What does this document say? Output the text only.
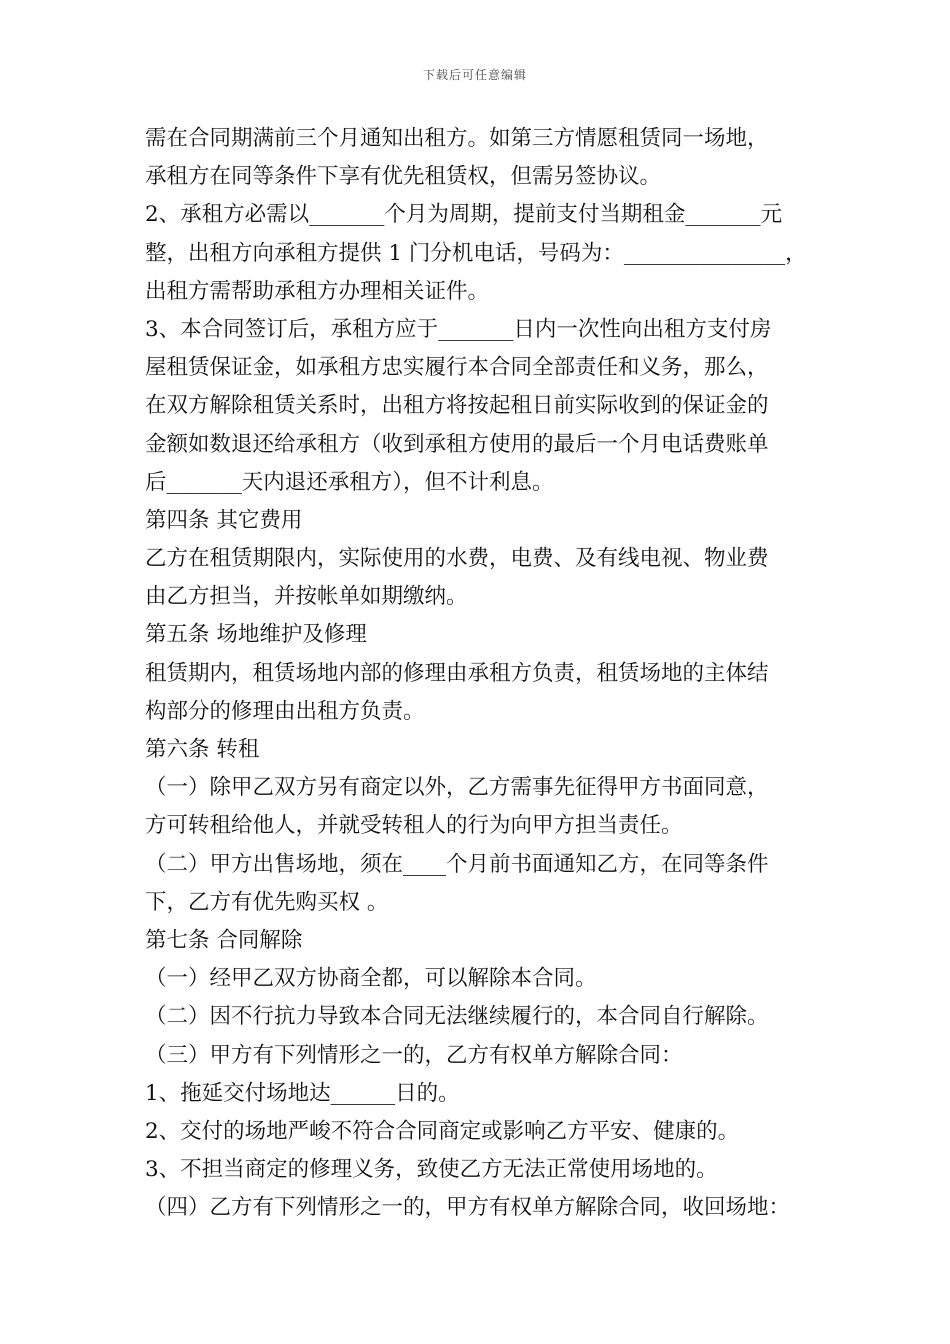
下载后可任意编辑
需在合同期满前三个月通知出租方。如第三方情愿租赁同一场地，
承租方在同等条件下享有优先租赁权，但需另签协议。
2、承租方必需以_______个月为周期，提前支付当期租金_______元
整，出租方向承租方提供 1 门分机电话，号码为：_______________，
出租方需帮助承租方办理相关证件。
3、本合同签订后，承租方应于_______日内一次性向出租方支付房
屋租赁保证金，如承租方忠实履行本合同全部责任和义务，那么，
在双方解除租赁关系时，出租方将按起租日前实际收到的保证金的
金额如数退还给承租方（收到承租方使用的最后一个月电话费账单
后_______天内退还承租方），但不计利息。
第四条 其它费用
乙方在租赁期限内，实际使用的水费，电费、及有线电视、物业费
由乙方担当，并按帐单如期缴纳。
第五条 场地维护及修理
租赁期内，租赁场地内部的修理由承租方负责，租赁场地的主体结
构部分的修理由出租方负责。
第六条 转租
（一）除甲乙双方另有商定以外，乙方需事先征得甲方书面同意，
方可转租给他人，并就受转租人的行为向甲方担当责任。
（二）甲方出售场地，须在____个月前书面通知乙方，在同等条件
下，乙方有优先购买权 。
第七条 合同解除
（一）经甲乙双方协商全都，可以解除本合同。
（二）因不行抗力导致本合同无法继续履行的，本合同自行解除。
（三）甲方有下列情形之一的，乙方有权单方解除合同：
1、拖延交付场地达______日的。
2、交付的场地严峻不符合合同商定或影响乙方平安、健康的。
3、不担当商定的修理义务，致使乙方无法正常使用场地的。
（四）乙方有下列情形之一的，甲方有权单方解除合同，收回场地：
